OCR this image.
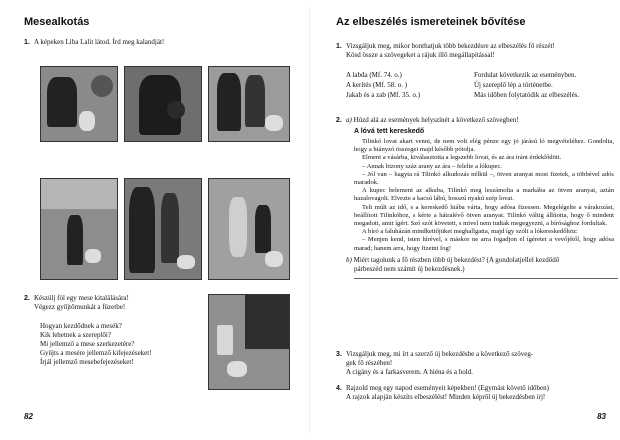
Mesealkotás
1. A képeken Liba Lalit látod. Írd meg kalandját!
2. Készülj föl egy mese kitalálására!
Végezz gyűjtőmunkát a füzetbe!
Hogyan kezdődnek a mesék?
Kik lehetnek a szereplői?
Mi jellemző a mese szerkezetére?
Gyűjts a mesére jellemző kifejezéseket!
Írjál jellemző mesebefejezéseket!
82
Az elbeszélés ismereteinek bővítése
1. Vizsgáljuk meg, mikor bonthatjuk több bekezdésre az elbeszélés fő részét!
Kösd össze a szövegeket a rájuk illő megállapítással!
A labda (Mf. 74. o.)	Fordulat következik az eseményben.
A kerítés (Mf. 58. o. )	Új szereplő lép a történetbe.
Jakab és a zab (Mf. 35. o.)	Más időben folytatódik az elbeszélés.
2. a) Húzd alá az események helyszínét a következő szövegben!
A lóvá tett kereskedő

Tilinkó lovat akart venni, de nem volt elég pénze egy jó járású ló megvételéhez. Gondolta, hogy a hiányzó összeget majd később pótolja.

Elment a vásárba, kiválasztotta a legszebb lovat, és az ára iránt érdeklődött.

– Annak bizony száz arany az ára – felelte a lókupec.

– Jól van – hagyta rá Tilinkó alkudozás nélkül –, ötven aranyat most fizetek, a többével adós maradok.

A kupec belement az alkuba, Tilinkó meg leszámolta a markába az ötven aranyat, aztán hazalovagolt. Elvezte a kacsú lábú, hosszú nyakú szép lovat.

Telt múlt az idő, s a kereskedő hiába várta, hogy adósa fizessen. Megelégelte a várakozást, beállított Tilinkóhoz, s kérte a hátralévő ötven aranyat. Tilinkó váltig állította, hogy ő mindent megadott, amit ígért. Szó szót követett, s mivel nem tudtak megegyezni, a bírósághoz fordultak.

A bíró a faluházán mindkettőjüket meghallgatta, majd így szólt a lókereskedőhöz:

– Menjen kend, isten hírével, s máskor ne arra fogadjon el ígéretet a vevőjétől, hogy adósa marad; hanem arra, hogy fizetni fog!

b) Miért tagolunk a fő részben több új bekezdést? (A gondolatjellel kezdődő
párbeszéd nem számít új bekezdésnek.)
3. Vizsgáljuk meg, mi írt a szerző új bekezdésbe a következő szöveg-
gek fő részében!
A cigány és a farkasverem. A hiéna és a hold.
4. Rajzold meg egy napod eseményeit képekben! (Egymást követő időben)
A rajzok alapján készíts elbeszélést! Minden képről új bekezdésben írj!
83
